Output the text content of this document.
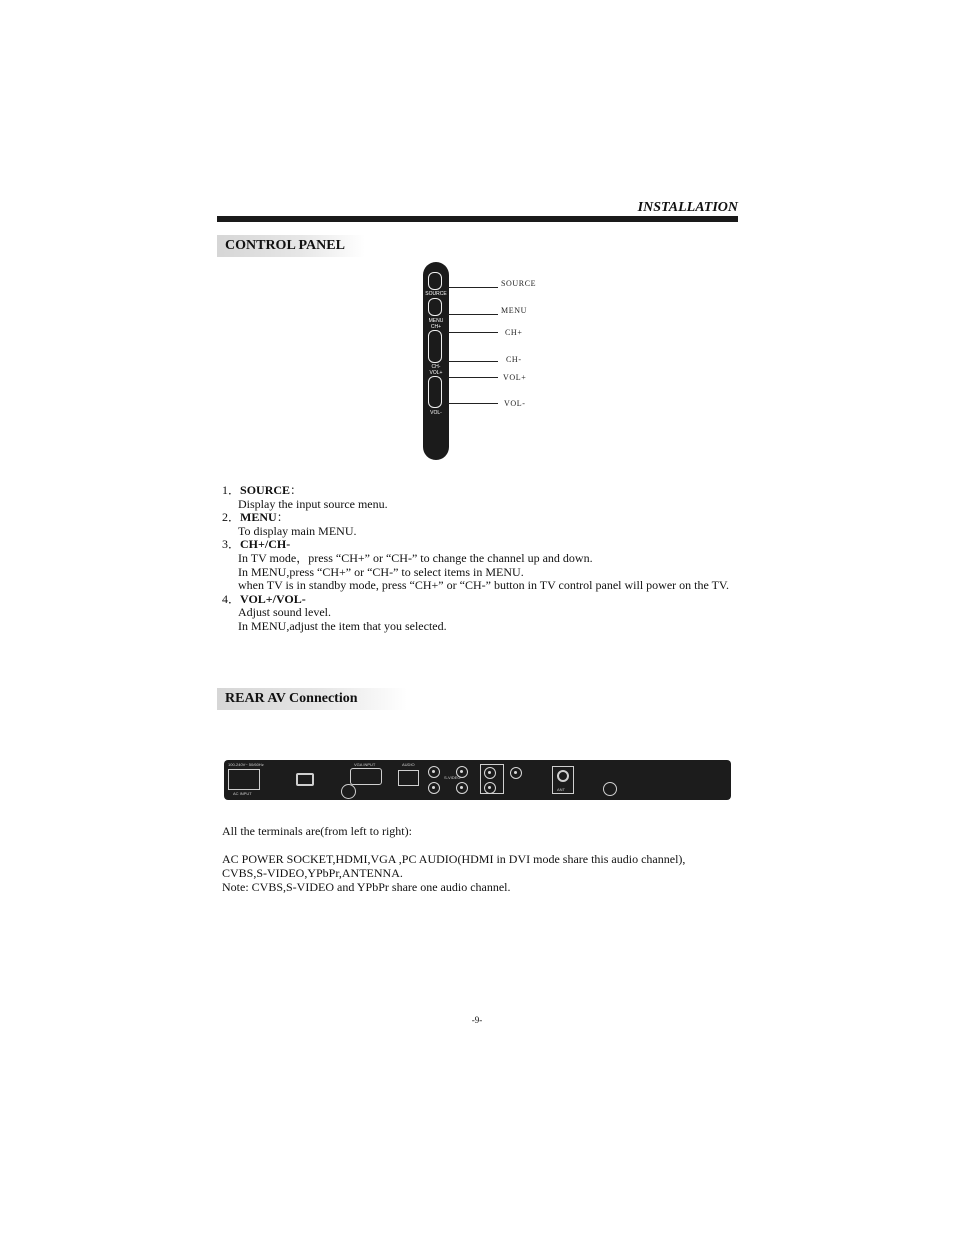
INSTALLATION
CONTROL PANEL
SOURCE
MENU
CH+
CH-
VOL+
VOL-
SOURCE
MENU
CH+
CH-
VOL+
VOL-
1．SOURCE：
Display the input source menu.
2．MENU：
To display main MENU.
3．CH+/CH-
In TV mode，press “CH+” or “CH-” to change the channel up and down.
In MENU,press “CH+” or “CH-” to select items in MENU.
when TV is in standby mode, press “CH+” or “CH-” button in TV control panel will power on the TV.
4．VOL+/VOL-
Adjust sound level.
In MENU,adjust the item that you selected.
REAR AV Connection
100-240V~ 50/60Hz
AC INPUT
VGA INPUT	AUDIO
S-VIDEO
ANT
All the terminals are(from left to right):
AC POWER SOCKET,HDMI,VGA ,PC AUDIO(HDMI in DVI mode share this audio channel),
CVBS,S-VIDEO,YPbPr,ANTENNA.
Note: CVBS,S-VIDEO and YPbPr share one audio channel.
-9-
